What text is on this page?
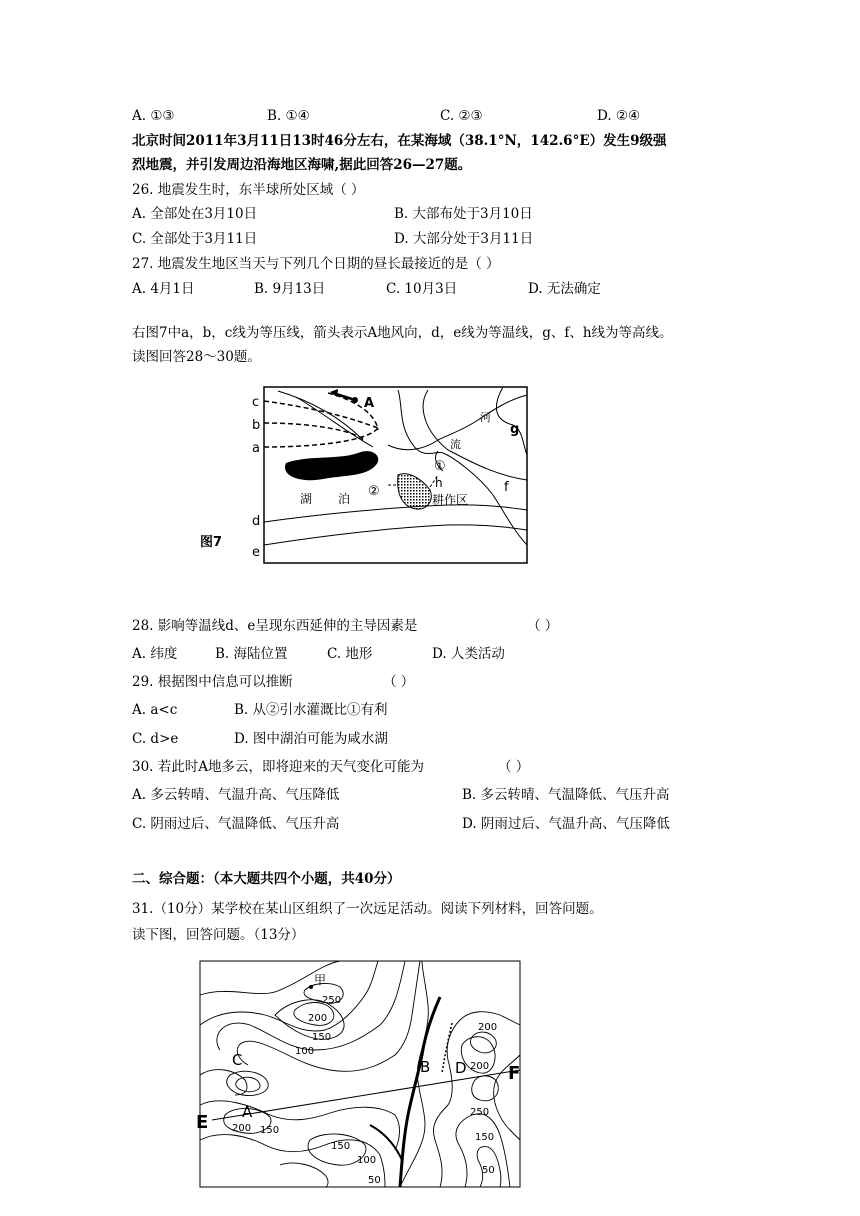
A. ①③	B. ①④	C. ②③	D. ②④
北京时间2011年3月11日13时46分左右，在某海域（38.1°N，142.6°E）发生9级强
烈地震，并引发周边沿海地区海啸,据此回答26—27题。
26. 地震发生时，东半球所处区域（ ）
A. 全部处在3月10日	B. 大部布处于3月10日
C. 全部处于3月11日	D. 大部分处于3月11日
27. 地震发生地区当天与下列几个日期的昼长最接近的是（ ）
A. 4月1日	B. 9月13日	C. 10月3日	D. 无法确定
右图7中a，b，c线为等压线，箭头表示A地风向，d，e线为等温线，g、f、h线为等高线。
读图回答28～30题。
图7
c
b
a
d
e
A
g
f
h
河
流
湖 泊	耕作区
①
②
28. 影响等温线d、e呈现东西延伸的主导因素是	（ ）
A. 纬度	B. 海陆位置	C. 地形	D. 人类活动
29. 根据图中信息可以推断	（ ）
A. a<c	B. 从②引水灌溉比①有利
C. d>e	D. 图中湖泊可能为咸水湖
30. 若此时A地多云，即将迎来的天气变化可能为	（ ）
A. 多云转晴、气温升高、气压降低	B. 多云转晴、气温降低、气压升高
C. 阴雨过后、气温降低、气压升高	D. 阴雨过后、气温升高、气压降低
二、综合题：（本大题共四个小题，共40分）
31.（10分）某学校在某山区组织了一次远足活动。阅读下列材料，回答问题。
读下图，回答问题。（13分）
甲
A
B
C	D
E
F
250
200
150
100
200 150
150
100
50
200
200
250
150
50
